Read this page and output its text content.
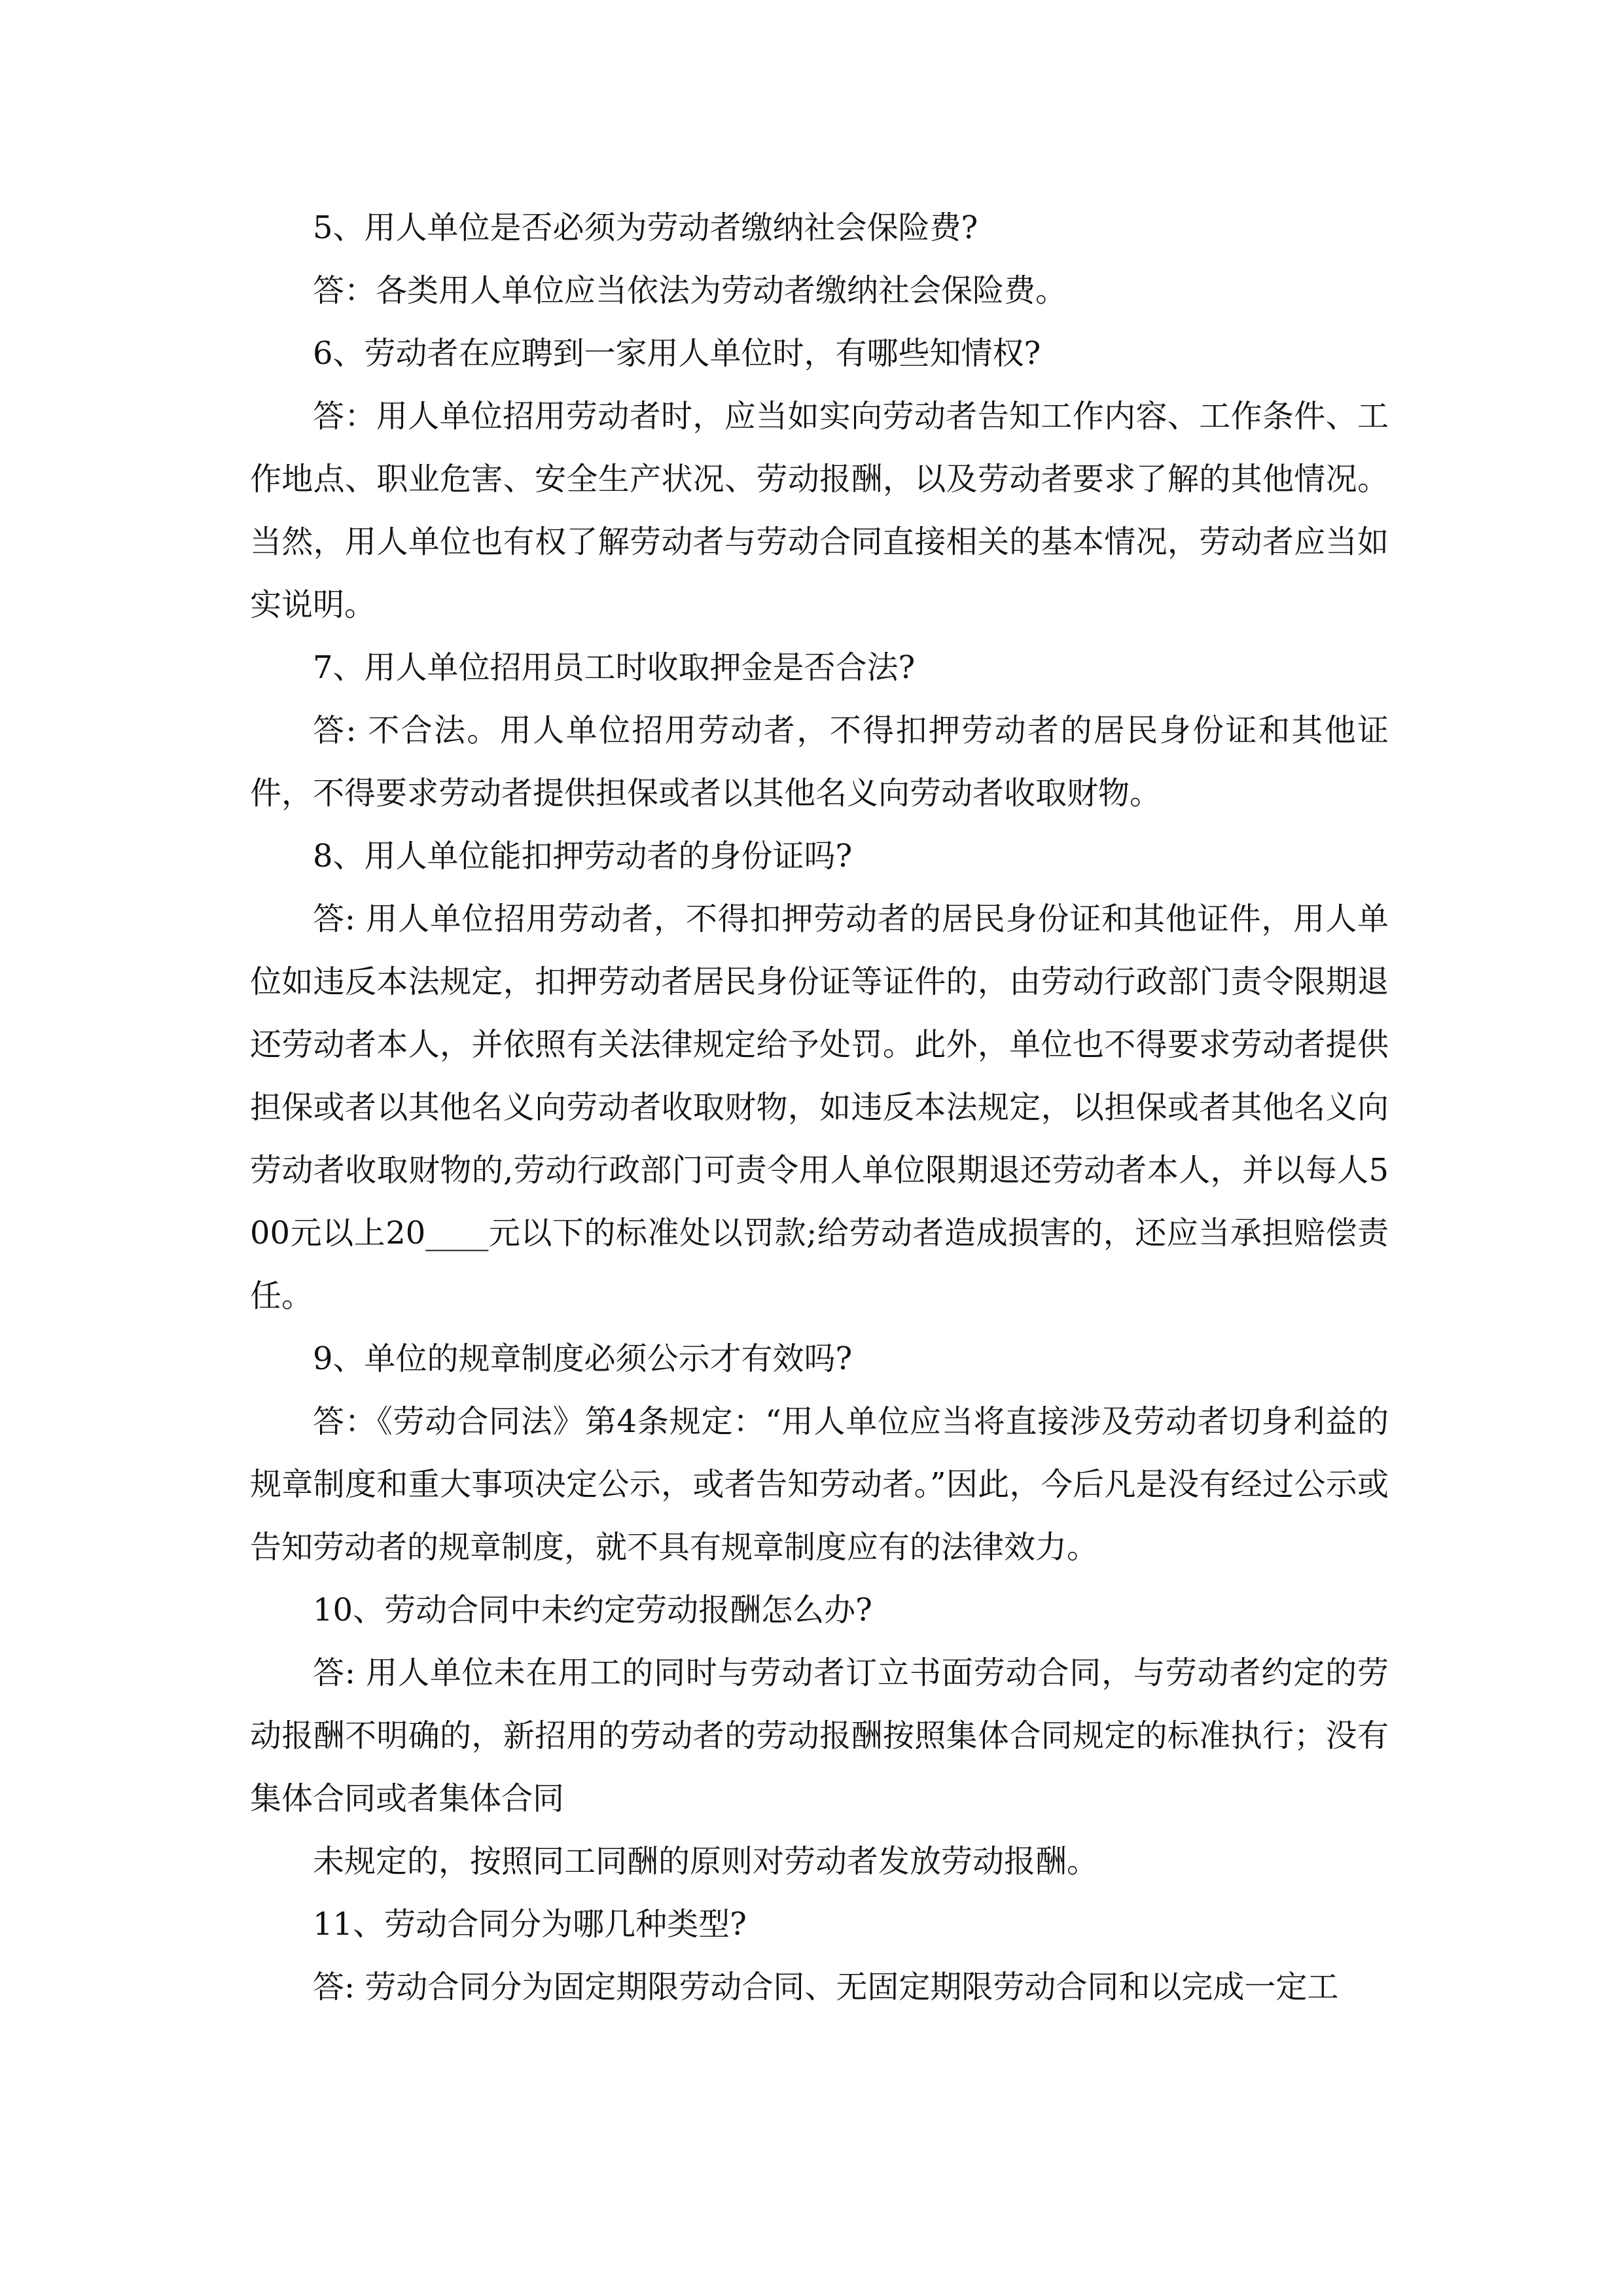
5、用人单位是否必须为劳动者缴纳社会保险费?

答：各类用人单位应当依法为劳动者缴纳社会保险费。

6、劳动者在应聘到一家用人单位时，有哪些知情权?

答：用人单位招用劳动者时，应当如实向劳动者告知工作内容、工作条件、工作地点、职业危害、安全生产状况、劳动报酬，以及劳动者要求了解的其他情况。当然，用人单位也有权了解劳动者与劳动合同直接相关的基本情况，劳动者应当如实说明。

7、用人单位招用员工时收取押金是否合法?

答: 不合法。用人单位招用劳动者，不得扣押劳动者的居民身份证和其他证件，不得要求劳动者提供担保或者以其他名义向劳动者收取财物。

8、用人单位能扣押劳动者的身份证吗?

答: 用人单位招用劳动者，不得扣押劳动者的居民身份证和其他证件，用人单位如违反本法规定，扣押劳动者居民身份证等证件的，由劳动行政部门责令限期退还劳动者本人，并依照有关法律规定给予处罚。此外，单位也不得要求劳动者提供担保或者以其他名义向劳动者收取财物，如违反本法规定，以担保或者其他名义向劳动者收取财物的,劳动行政部门可责令用人单位限期退还劳动者本人，并以每人500元以上20____元以下的标准处以罚款;给劳动者造成损害的，还应当承担赔偿责任。

9、单位的规章制度必须公示才有效吗?

答：《劳动合同法》第4条规定：“用人单位应当将直接涉及劳动者切身利益的规章制度和重大事项决定公示，或者告知劳动者。”因此，今后凡是没有经过公示或告知劳动者的规章制度，就不具有规章制度应有的法律效力。

10、劳动合同中未约定劳动报酬怎么办?

答: 用人单位未在用工的同时与劳动者订立书面劳动合同，与劳动者约定的劳动报酬不明确的，新招用的劳动者的劳动报酬按照集体合同规定的标准执行；没有集体合同或者集体合同

未规定的，按照同工同酬的原则对劳动者发放劳动报酬。

11、劳动合同分为哪几种类型?

答: 劳动合同分为固定期限劳动合同、无固定期限劳动合同和以完成一定工
